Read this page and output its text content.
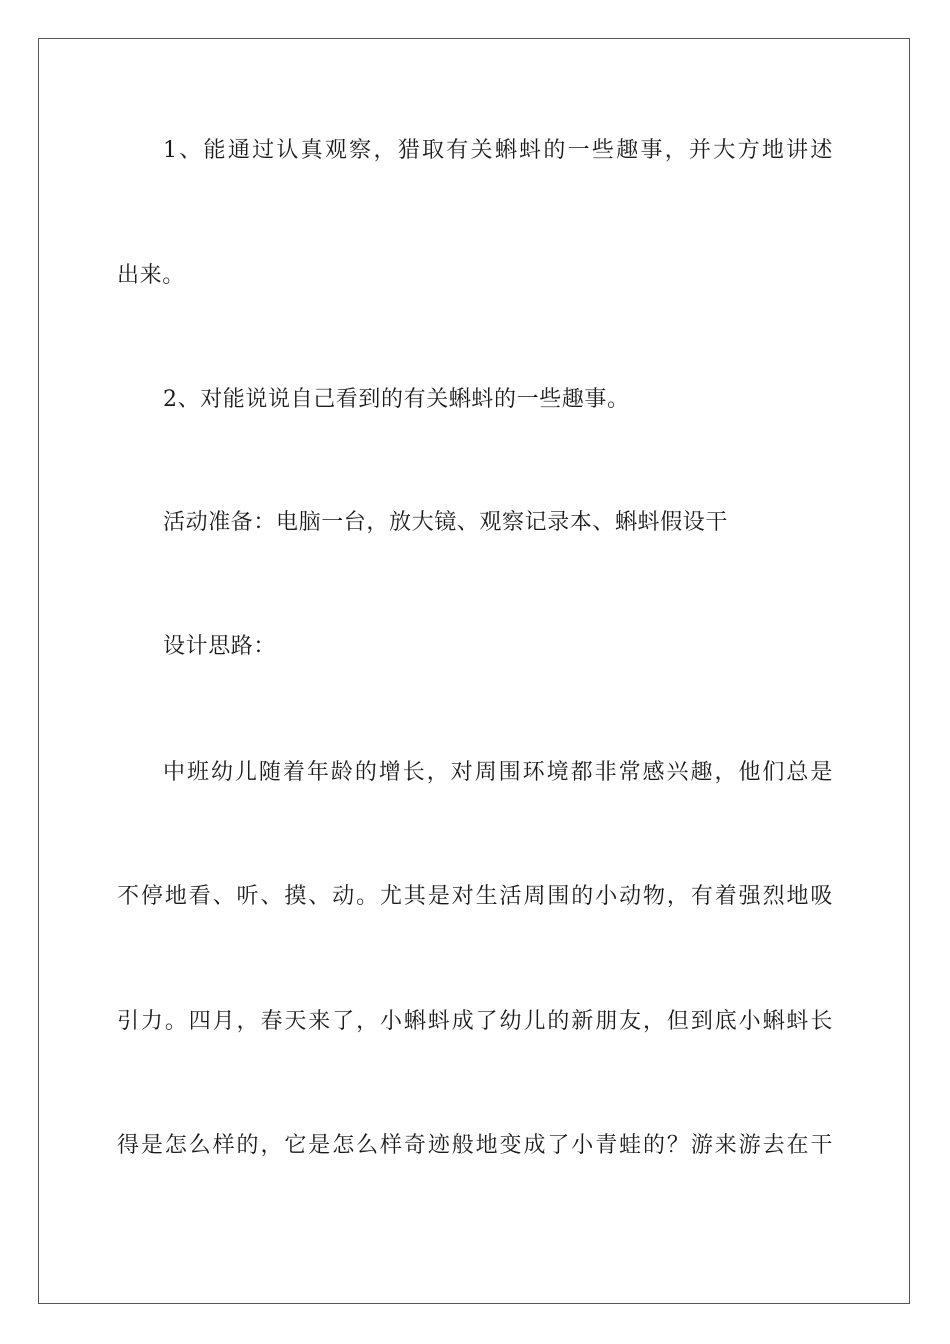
1、能通过认真观察，猎取有关蝌蚪的一些趣事，并大方地讲述
出来。
2、对能说说自己看到的有关蝌蚪的一些趣事。
活动准备：电脑一台，放大镜、观察记录本、蝌蚪假设干
设计思路：
中班幼儿随着年龄的增长，对周围环境都非常感兴趣，他们总是
不停地看、听、摸、动。尤其是对生活周围的小动物，有着强烈地吸
引力。四月，春天来了，小蝌蚪成了幼儿的新朋友，但到底小蝌蚪长
得是怎么样的，它是怎么样奇迹般地变成了小青蛙的？游来游去在干
